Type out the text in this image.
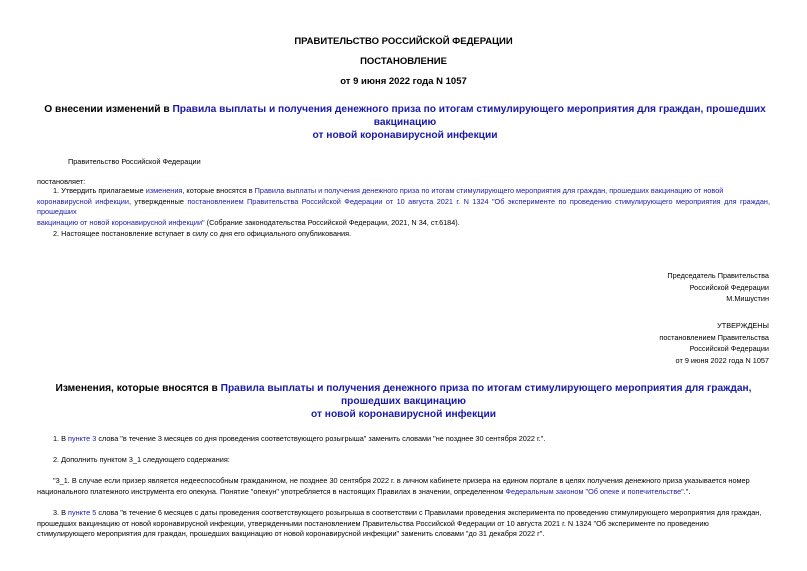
ПРАВИТЕЛЬСТВО РОССИЙСКОЙ ФЕДЕРАЦИИ
ПОСТАНОВЛЕНИЕ
от 9 июня 2022 года N 1057
О внесении изменений в Правила выплаты и получения денежного приза по итогам стимулирующего мероприятия для граждан, прошедших вакцинацию
от новой коронавирусной инфекции
Правительство Российской Федерации
постановляет:
1. Утвердить прилагаемые изменения, которые вносятся в Правила выплаты и получения денежного приза по итогам стимулирующего мероприятия для граждан, прошедших вакцинацию от новой
коронавирусной инфекции, утвержденные постановлением Правительства Российской Федерации от 10 августа 2021 г. N 1324 "Об эксперименте по проведению стимулирующего мероприятия для граждан, прошедших
вакцинацию от новой коронавирусной инфекции" (Собрание законодательства Российской Федерации, 2021, N 34, ст.6184).
2. Настоящее постановление вступает в силу со дня его официального опубликования.
Председатель Правительства
Российской Федерации
М.Мишустин
УТВЕРЖДЕНЫ
постановлением Правительства
Российской Федерации
от 9 июня 2022 года N 1057
Изменения, которые вносятся в Правила выплаты и получения денежного приза по итогам стимулирующего мероприятия для граждан, прошедших вакцинацию
от новой коронавирусной инфекции
1. В пункте 3 слова "в течение 3 месяцев со дня проведения соответствующего розыгрыша" заменить словами "не позднее 30 сентября 2022 г.".
2. Дополнить пунктом 3_1 следующего содержания:
"3_1. В случае если призер является недееспособным гражданином, не позднее 30 сентября 2022 г. в личном кабинете призера на едином портале в целях получения денежного приза указывается номер
национального платежного инструмента его опекуна. Понятие "опекун" употребляется в настоящих Правилах в значении, определенном Федеральным законом "Об опеке и попечительстве".".
3. В пункте 5 слова "в течение 6 месяцев с даты проведения соответствующего розыгрыша в соответствии с Правилами проведения эксперимента по проведению стимулирующего мероприятия для граждан,
прошедших вакцинацию от новой коронавирусной инфекции, утвержденными постановлением Правительства Российской Федерации от 10 августа 2021 г. N 1324 "Об эксперименте по проведению
стимулирующего мероприятия для граждан, прошедших вакцинацию от новой коронавирусной инфекции" заменить словами "до 31 декабря 2022 г".
